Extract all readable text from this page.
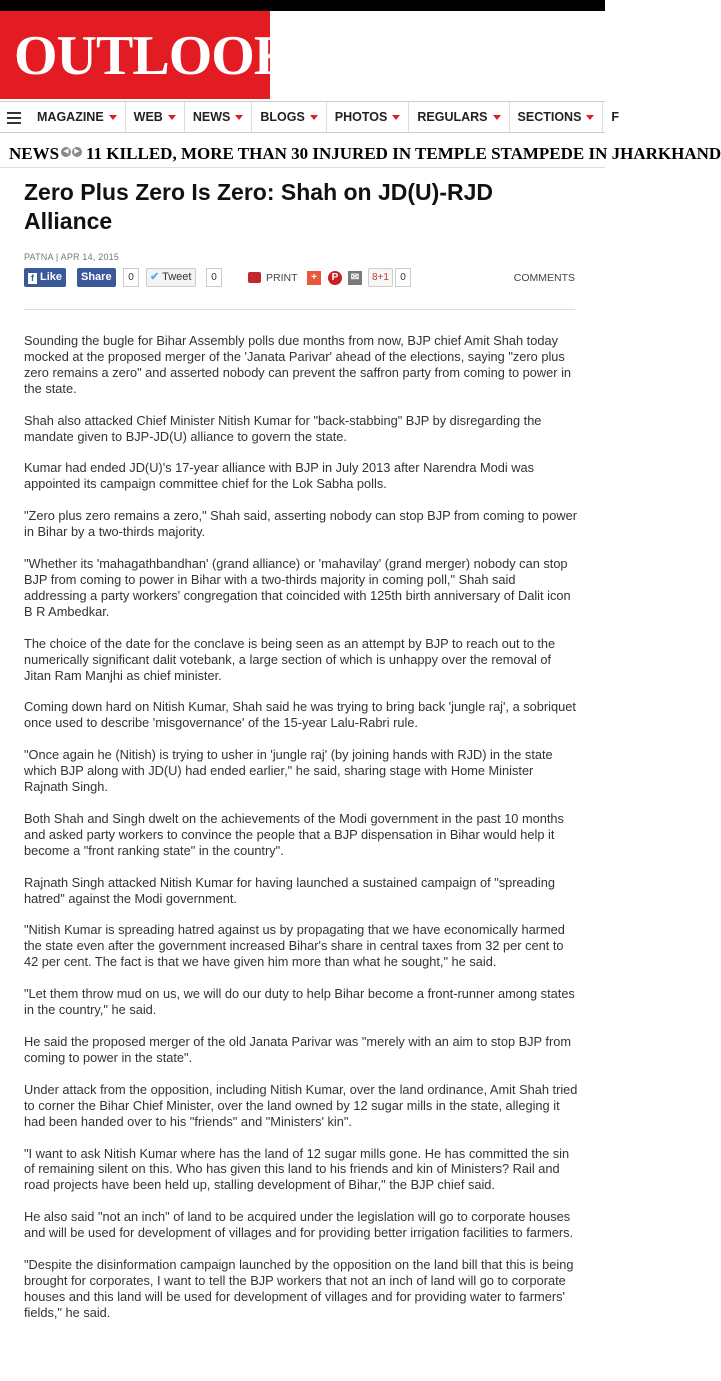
OUTLOOK
MAGAZINE WEB NEWS BLOGS PHOTOS REGULARS SECTIONS F
NEWS ◀ ▶ 11 KILLED, MORE THAN 30 INJURED IN TEMPLE STAMPEDE IN JHARKHAND
Zero Plus Zero Is Zero: Shah on JD(U)-RJD Alliance
PATNA | APR 14, 2015
f Like	Share	0	✔ Tweet	0	PRINT	+	P	✉	8+1	0	COMMENTS

Sounding the bugle for Bihar Assembly polls due months from now, BJP chief Amit Shah today mocked at the proposed merger of the 'Janata Parivar' ahead of the elections, saying "zero plus zero remains a zero" and asserted nobody can prevent the saffron party from coming to power in the state.

Shah also attacked Chief Minister Nitish Kumar for "back-stabbing" BJP by disregarding the mandate given to BJP-JD(U) alliance to govern the state.

Kumar had ended JD(U)'s 17-year alliance with BJP in July 2013 after Narendra Modi was appointed its campaign committee chief for the Lok Sabha polls.

"Zero plus zero remains a zero," Shah said, asserting nobody can stop BJP from coming to power in Bihar by a two-thirds majority.

"Whether its 'mahagathbandhan' (grand alliance) or 'mahavilay' (grand merger) nobody can stop BJP from coming to power in Bihar with a two-thirds majority in coming poll," Shah said addressing a party workers' congregation that coincided with 125th birth anniversary of Dalit icon B R Ambedkar.

The choice of the date for the conclave is being seen as an attempt by BJP to reach out to the numerically significant dalit votebank, a large section of which is unhappy over the removal of Jitan Ram Manjhi as chief minister.

Coming down hard on Nitish Kumar, Shah said he was trying to bring back 'jungle raj', a sobriquet once used to describe 'misgovernance' of the 15-year Lalu-Rabri rule.

"Once again he (Nitish) is trying to usher in 'jungle raj' (by joining hands with RJD) in the state which BJP along with JD(U) had ended earlier," he said, sharing stage with Home Minister Rajnath Singh.

Both Shah and Singh dwelt on the achievements of the Modi government in the past 10 months and asked party workers to convince the people that a BJP dispensation in Bihar would help it become a "front ranking state" in the country".

Rajnath Singh attacked Nitish Kumar for having launched a sustained campaign of "spreading hatred" against the Modi government.

"Nitish Kumar is spreading hatred against us by propagating that we have economically harmed the state even after the government increased Bihar's share in central taxes from 32 per cent to 42 per cent. The fact is that we have given him more than what he sought," he said.

"Let them throw mud on us, we will do our duty to help Bihar become a front-runner among states in the country," he said.

He said the proposed merger of the old Janata Parivar was "merely with an aim to stop BJP from coming to power in the state".

Under attack from the opposition, including Nitish Kumar, over the land ordinance, Amit Shah tried to corner the Bihar Chief Minister, over the land owned by 12 sugar mills in the state, alleging it had been handed over to his "friends" and "Ministers' kin".

"I want to ask Nitish Kumar where has the land of 12 sugar mills gone. He has committed the sin of remaining silent on this. Who has given this land to his friends and kin of Ministers? Rail and road projects have been held up, stalling development of Bihar," the BJP chief said.

He also said "not an inch" of land to be acquired under the legislation will go to corporate houses and will be used for development of villages and for providing better irrigation facilities to farmers.

"Despite the disinformation campaign launched by the opposition on the land bill that this is being brought for corporates, I want to tell the BJP workers that not an inch of land will go to corporate houses and this land will be used for development of villages and for providing water to farmers' fields," he said.
